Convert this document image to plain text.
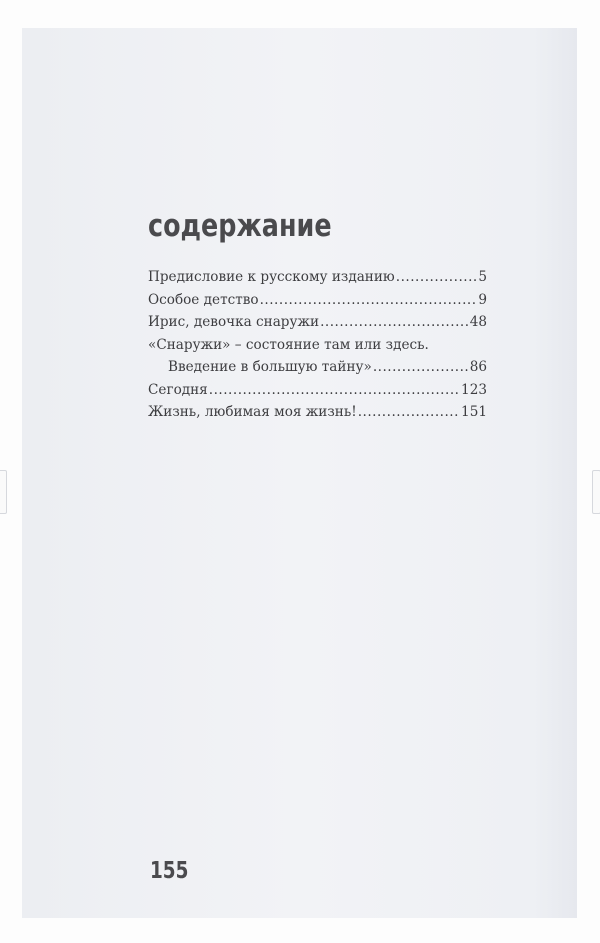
содержание
Предисловие к русскому изданию .....	5
Особое детство .....	9
Ирис, девочка снаружи .....	48
«Снаружи» – состояние там или здесь.
Введение в большую тайну» .....	86
Сегодня .....	123
Жизнь, любимая моя жизнь! .....	151
155
